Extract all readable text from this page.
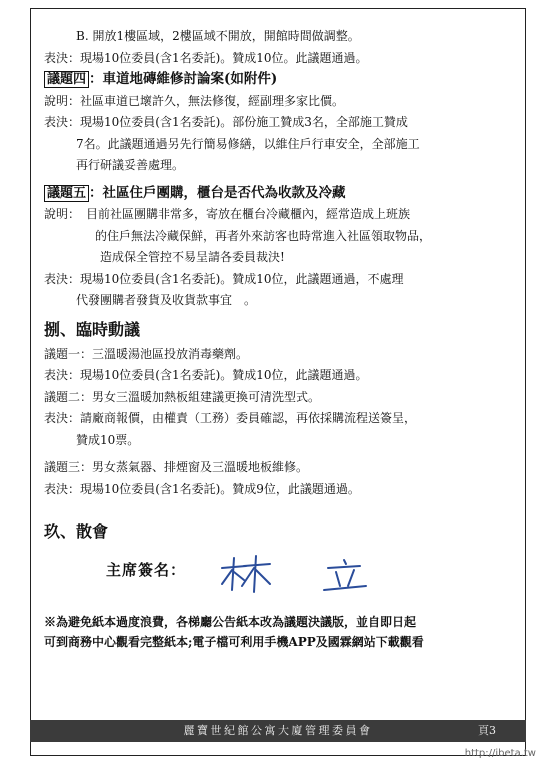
B. 開放1樓區域，2樓區域不開放，開館時間做調整。
表決：現場10位委員(含1名委託)。贊成10位。此議題通過。
議題四 ：車道地磚維修討論案(如附件)
說明：社區車道已壞許久，無法修復，經副理多家比價。
表決：現場10位委員(含1名委託)。部份施工贊成3名，全部施工贊成
7名。此議題通過另先行簡易修繕，以維住戶行車安全，全部施工
再行研議妥善處理。
議題五 ：社區住戶團購，櫃台是否代為收款及冷藏
說明：　目前社區團購非常多，寄放在櫃台冷藏櫃內，經常造成上班族
的住戶無法冷藏保鮮，再者外來訪客也時常進入社區領取物品，
造成保全管控不易呈請各委員裁決!
表決：現場10位委員(含1名委託)。贊成10位，此議題通過，不處理
代發團購者發貨及收貨款事宜　。
捌、臨時動議
議題一：三溫暖湯池區投放消毒藥劑。
表決：現場10位委員(含1名委託)。贊成10位，此議題通過。
議題二：男女三溫暖加熱板組建議更換可清洗型式。
表決：請廠商報價，由權責（工務）委員確認，再依採購流程送簽呈，
贊成10票。
議題三：男女蒸氣器、排煙窗及三溫暖地板維修。
表決：現場10位委員(含1名委託)。贊成9位，此議題通過。
玖、散會
主席簽名：
※為避免紙本過度浪費，各梯廳公告紙本改為議題決議版，並自即日起
可到商務中心觀看完整紙本;電子檔可利用手機APP及國霖網站下載觀看
麗寶世紀館公寓大廈管理委員會	頁3
http://ibeta.tw
